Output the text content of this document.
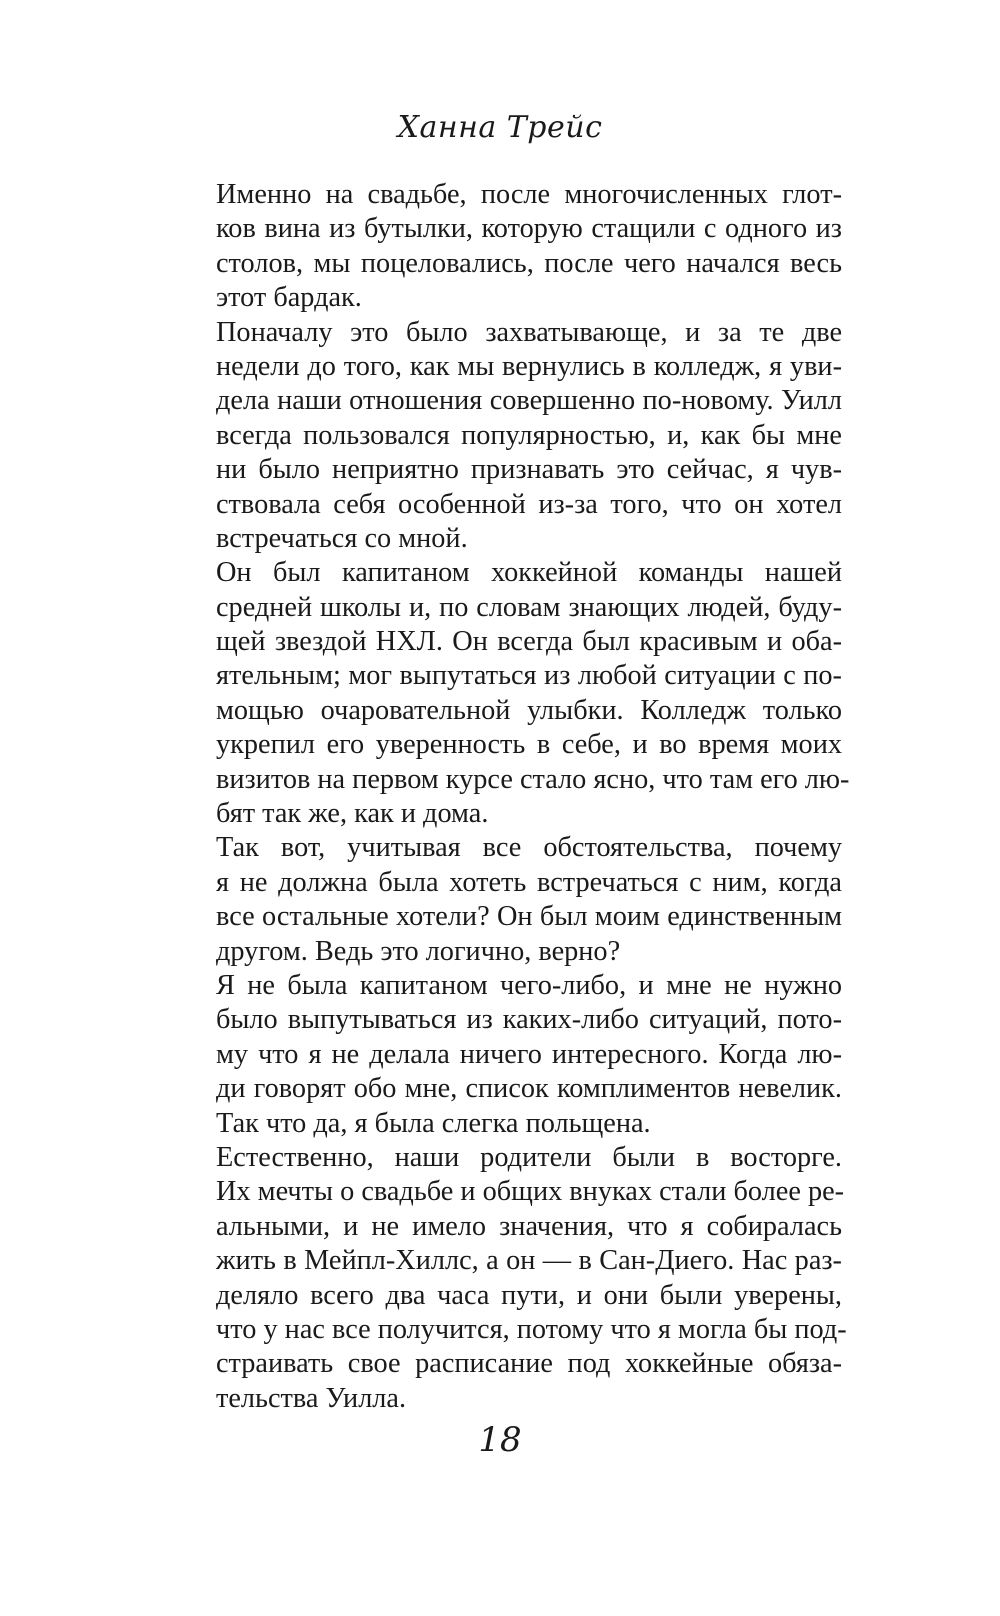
Ханна Трейс

Именно на свадьбе, после многочисленных глот-
ков вина из бутылки, которую стащили с одного из
столов, мы поцеловались, после чего начался весь
этот бардак.

Поначалу это было захватывающе, и за те две
недели до того, как мы вернулись в колледж, я уви-
дела наши отношения совершенно по-новому. Уилл
всегда пользовался популярностью, и, как бы мне
ни было неприятно признавать это сейчас, я чув-
ствовала себя особенной из-за того, что он хотел
встречаться со мной.

Он был капитаном хоккейной команды нашей
средней школы и, по словам знающих людей, буду-
щей звездой НХЛ. Он всегда был красивым и оба-
ятельным; мог выпутаться из любой ситуации с по-
мощью очаровательной улыбки. Колледж только
укрепил его уверенность в себе, и во время моих
визитов на первом курсе стало ясно, что там его лю-
бят так же, как и дома.

Так вот, учитывая все обстоятельства, почему
я не должна была хотеть встречаться с ним, когда
все остальные хотели? Он был моим единственным
другом. Ведь это логично, верно?

Я не была капитаном чего-либо, и мне не нужно
было выпутываться из каких-либо ситуаций, пото-
му что я не делала ничего интересного. Когда лю-
ди говорят обо мне, список комплиментов невелик.
Так что да, я была слегка польщена.

Естественно, наши родители были в восторге.
Их мечты о свадьбе и общих внуках стали более ре-
альными, и не имело значения, что я собиралась
жить в Мейпл-Хиллс, а он — в Сан-Диего. Нас раз-
деляло всего два часа пути, и они были уверены,
что у нас все получится, потому что я могла бы под-
страивать свое расписание под хоккейные обяза-
тельства Уилла.

18
